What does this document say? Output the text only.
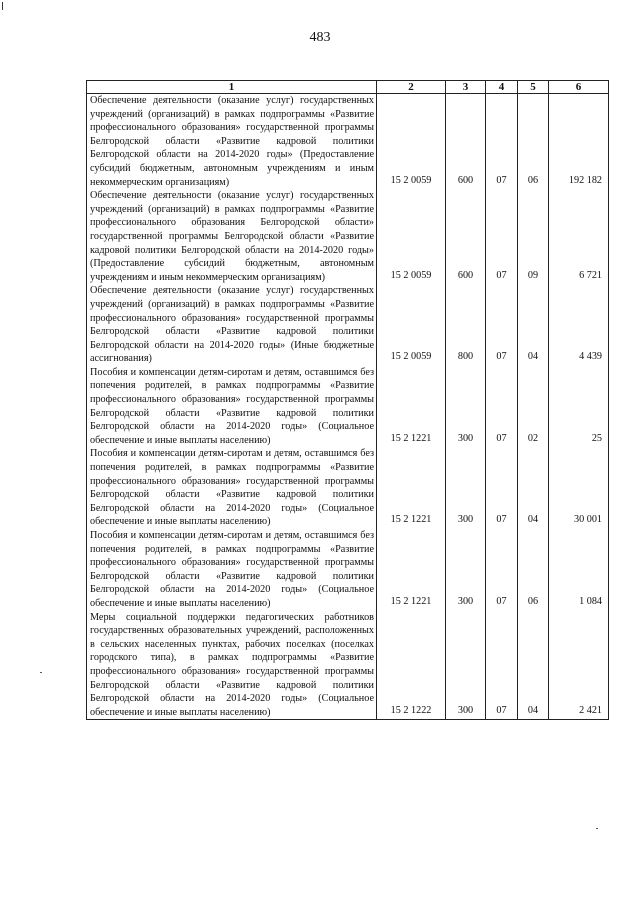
483
1	2	3	4	5	6
Обеспечение деятельности (оказание услуг) государственных учреждений (организаций) в рамках подпрограммы «Развитие профессионального образования» государственной программы Белгородской области «Развитие кадровой политики Белгородской области на 2014-2020 годы» (Предоставление субсидий бюджетным, автономным учреждениям и иным некоммерческим организациям)	15 2 0059	600	07	06	192 182

Обеспечение деятельности (оказание услуг) государственных учреждений (организаций) в рамках подпрограммы «Развитие профессионального образования Белгородской области» государственной программы Белгородской области «Развитие кадровой политики Белгородской области на 2014-2020 годы» (Предоставление субсидий бюджетным, автономным учреждениям и иным некоммерческим организациям)	15 2 0059	600	07	09	6 721

Обеспечение деятельности (оказание услуг) государственных учреждений (организаций) в рамках подпрограммы «Развитие профессионального образования» государственной программы Белгородской области «Развитие кадровой политики Белгородской области на 2014-2020 годы» (Иные бюджетные ассигнования)	15 2 0059	800	07	04	4 439

Пособия и компенсации детям-сиротам и детям, оставшимся без попечения родителей, в рамках подпрограммы «Развитие профессионального образования» государственной программы Белгородской области «Развитие кадровой политики Белгородской области на 2014-2020 годы» (Социальное обеспечение и иные выплаты населению)	15 2 1221	300	07	02	25

Пособия и компенсации детям-сиротам и детям, оставшимся без попечения родителей, в рамках подпрограммы «Развитие профессионального образования» государственной программы Белгородской области «Развитие кадровой политики Белгородской области на 2014-2020 годы» (Социальное обеспечение и иные выплаты населению)	15 2 1221	300	07	04	30 001

Пособия и компенсации детям-сиротам и детям, оставшимся без попечения родителей, в рамках подпрограммы «Развитие профессионального образования» государственной программы Белгородской области «Развитие кадровой политики Белгородской области на 2014-2020 годы» (Социальное обеспечение и иные выплаты населению)	15 2 1221	300	07	06	1 084

Меры социальной поддержки педагогических работников государственных образовательных учреждений, расположенных в сельских населенных пунктах, рабочих поселках (поселках городского типа), в рамках подпрограммы «Развитие профессионального образования» государственной программы Белгородской области «Развитие кадровой политики Белгородской области на 2014-2020 годы» (Социальное обеспечение и иные выплаты населению)	15 2 1222	300	07	04	2 421
